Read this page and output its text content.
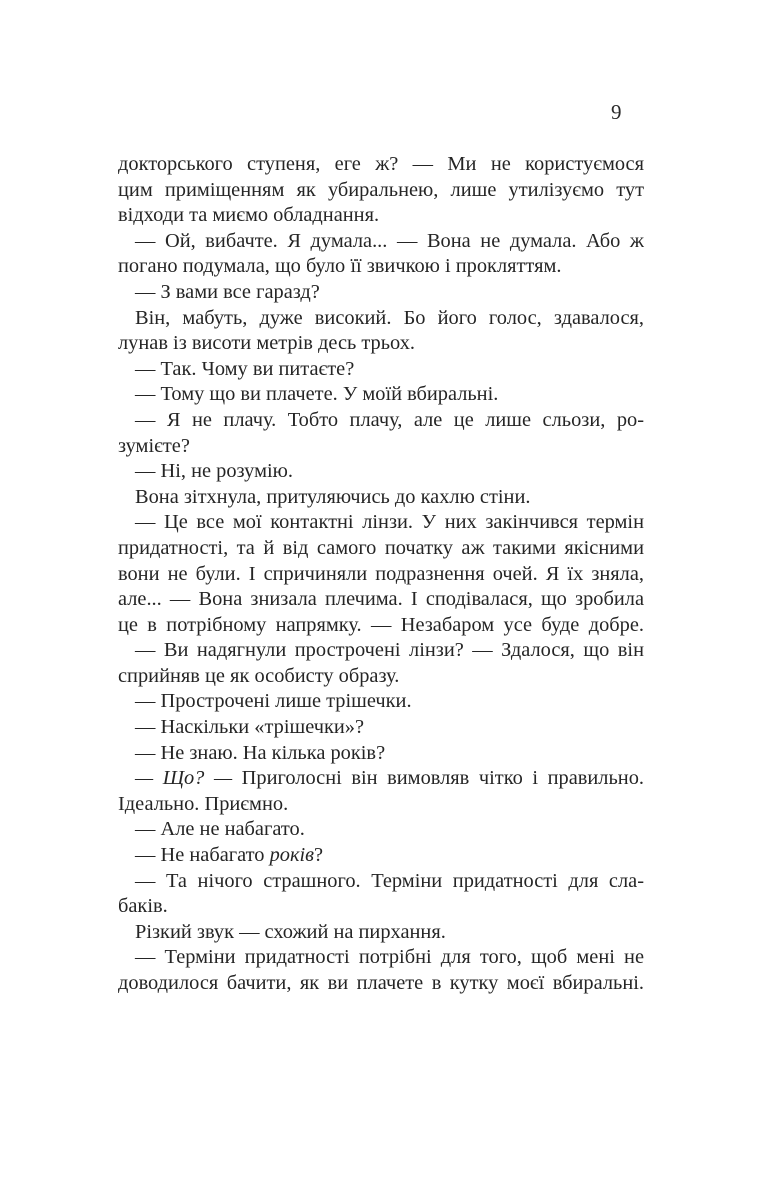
9
докторського ступеня, еге ж? — Ми не користуємося
цим приміщенням як убиральнею, лише утилізуємо тут
відходи та миємо обладнання.
— Ой, вибачте. Я думала... — Вона не думала. Або ж
погано подумала, що було її звичкою і прокляттям.
— З вами все гаразд?
Він, мабуть, дуже високий. Бо його голос, здавалося,
лунав із висоти метрів десь трьох.
— Так. Чому ви питаєте?
— Тому що ви плачете. У моїй вбиральні.
— Я не плачу. Тобто плачу, але це лише сльози, ро-
зумієте?
— Ні, не розумію.
Вона зітхнула, притуляючись до кахлю стіни.
— Це все мої контактні лінзи. У них закінчився термін
придатності, та й від самого початку аж такими якісними
вони не були. І спричиняли подразнення очей. Я їх зняла,
але... — Вона знизала плечима. І сподівалася, що зробила
це в потрібному напрямку. — Незабаром усе буде добре.
— Ви надягнули прострочені лінзи? — Здалося, що він
сприйняв це як особисту образу.
— Прострочені лише трішечки.
— Наскільки «трішечки»?
— Не знаю. На кілька років?
— Що? — Приголосні він вимовляв чітко і правильно.
Ідеально. Приємно.
— Але не набагато.
— Не набагато років?
— Та нічого страшного. Терміни придатності для сла-
баків.
Різкий звук — схожий на пирхання.
— Терміни придатності потрібні для того, щоб мені не
доводилося бачити, як ви плачете в кутку моєї вбиральні.
